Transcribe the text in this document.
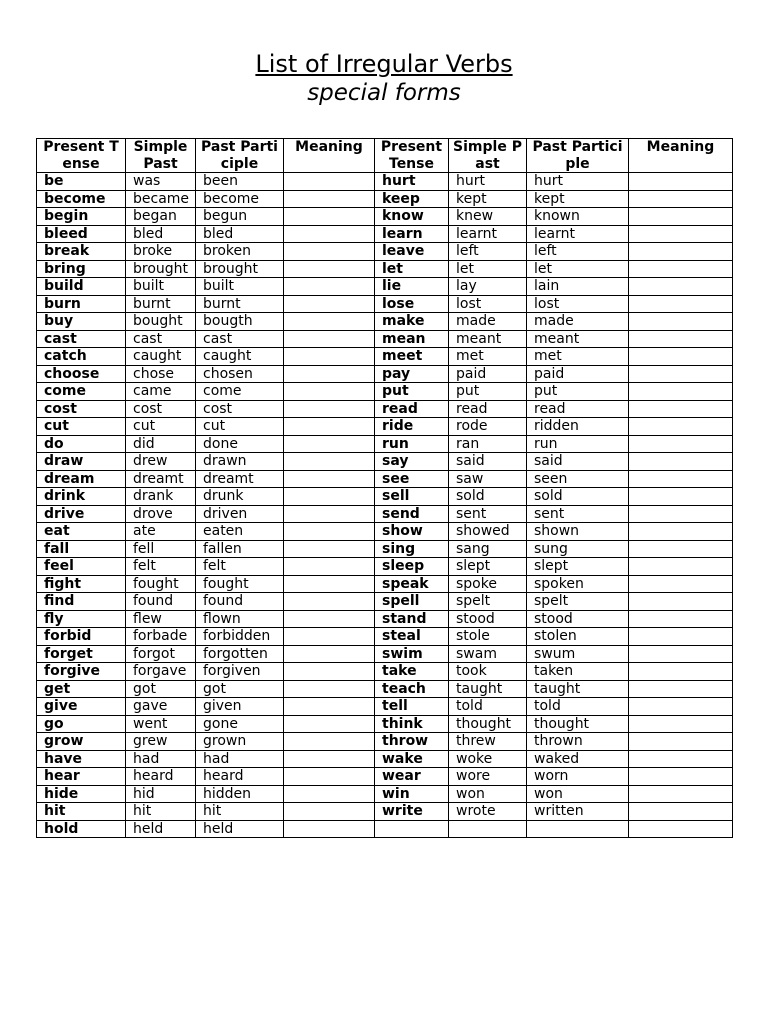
List of Irregular Verbs
special forms
Present Tense	Simple Past	Past Participle	Meaning	Present Tense	Simple Past	Past Participle	Meaning
be	was	been		hurt	hurt	hurt	
become	became	become		keep	kept	kept	
begin	began	begun		know	knew	known	
bleed	bled	bled		learn	learnt	learnt	
break	broke	broken		leave	left	left	
bring	brought	brought		let	let	let	
build	built	built		lie	lay	lain	
burn	burnt	burnt		lose	lost	lost	
buy	bought	bougth		make	made	made	
cast	cast	cast		mean	meant	meant	
catch	caught	caught		meet	met	met	
choose	chose	chosen		pay	paid	paid	
come	came	come		put	put	put	
cost	cost	cost		read	read	read	
cut	cut	cut		ride	rode	ridden	
do	did	done		run	ran	run	
draw	drew	drawn		say	said	said	
dream	dreamt	dreamt		see	saw	seen	
drink	drank	drunk		sell	sold	sold	
drive	drove	driven		send	sent	sent	
eat	ate	eaten		show	showed	shown	
fall	fell	fallen		sing	sang	sung	
feel	felt	felt		sleep	slept	slept	
fight	fought	fought		speak	spoke	spoken	
find	found	found		spell	spelt	spelt	
fly	flew	flown		stand	stood	stood	
forbid	forbade	forbidden		steal	stole	stolen	
forget	forgot	forgotten		swim	swam	swum	
forgive	forgave	forgiven		take	took	taken	
get	got	got		teach	taught	taught	
give	gave	given		tell	told	told	
go	went	gone		think	thought	thought	
grow	grew	grown		throw	threw	thrown	
have	had	had		wake	woke	waked	
hear	heard	heard		wear	wore	worn	
hide	hid	hidden		win	won	won	
hit	hit	hit		write	wrote	written	
hold	held	held					
